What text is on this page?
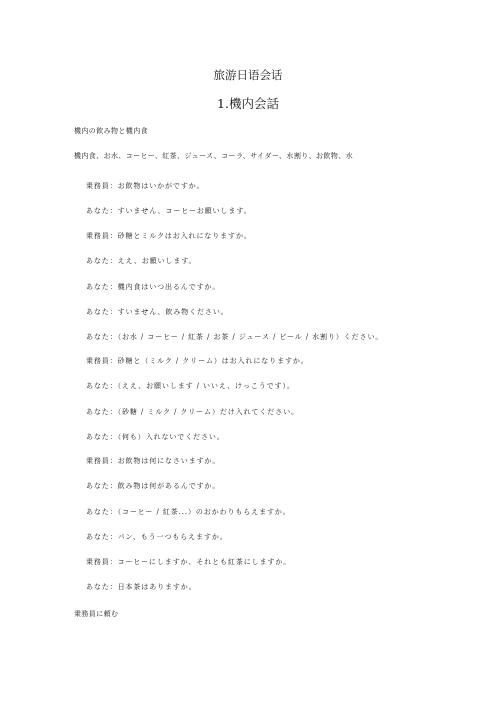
旅游日语会话
1.機内会話
機内の飲み物と機内食
機内食、お水、コーヒー、紅茶、ジュース、コーラ、サイダー、水割り、お飲物、水
乗務員：お飲物はいかがですか。
あなた：すいません、コーヒーお願いします。
乗務員：砂糖とミルクはお入れになりますか。
あなた：ええ、お願いします。
あなた：機内食はいつ出るんですか。
あなた：すいません、飲み物ください。
あなた：（お水 / コーヒー / 紅茶 / お茶 / ジュース / ビール / 水割り）ください。
乗務員：砂糖と（ミルク / クリーム）はお入れになりますか。
あなた：（ええ、お願いします / いいえ、けっこうです）。
あなた：（砂糖 / ミルク / クリーム）だけ入れてください。
あなた：（何も）入れないでください。
乗務員：お飲物は何になさいますか。
あなた：飲み物は何があるんですか。
あなた：（コーヒー / 紅茶...）のおかわりもらえますか。
あなた：パン、もう一つもらえますか。
乗務員：コーヒーにしますか、それとも紅茶にしますか。
あなた：日本茶はありますか。
乗務員に頼む
